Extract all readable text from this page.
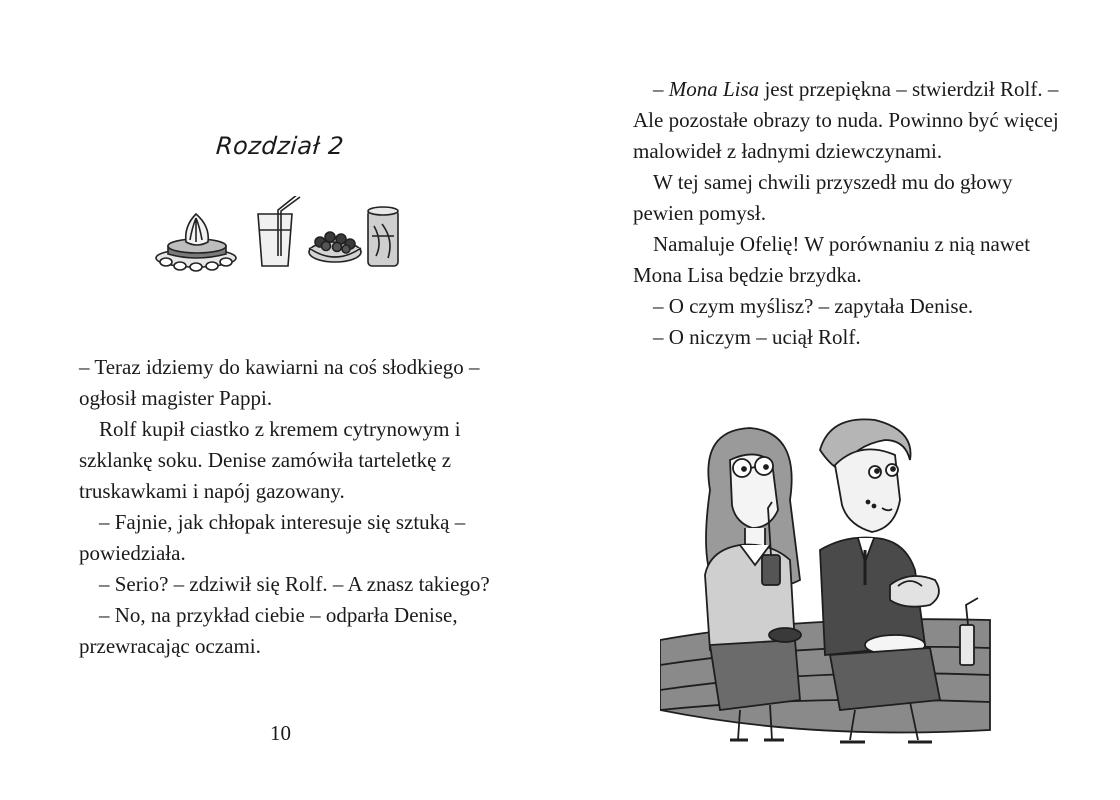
Rozdział 2

– Teraz idziemy do kawiarni na coś słodkiego – ogłosił magister Pappi.

Rolf kupił ciastko z kremem cytrynowym i szklankę soku. Denise zamówiła tarteletkę z truskawkami i napój gazowany.

– Fajnie, jak chłopak interesuje się sztuką – powiedziała.

– Serio? – zdziwił się Rolf. – A znasz takiego?

– No, na przykład ciebie – odparła Denise, przewracając oczami.

10

– Mona Lisa jest przepiękna – stwierdził Rolf. – Ale pozostałe obrazy to nuda. Powinno być więcej malowideł z ładnymi dziewczynami.

W tej samej chwili przyszedł mu do głowy pewien pomysł.

Namaluje Ofelię! W porównaniu z nią nawet Mona Lisa będzie brzydka.

– O czym myślisz? – zapytała Denise.

– O niczym – uciął Rolf.
